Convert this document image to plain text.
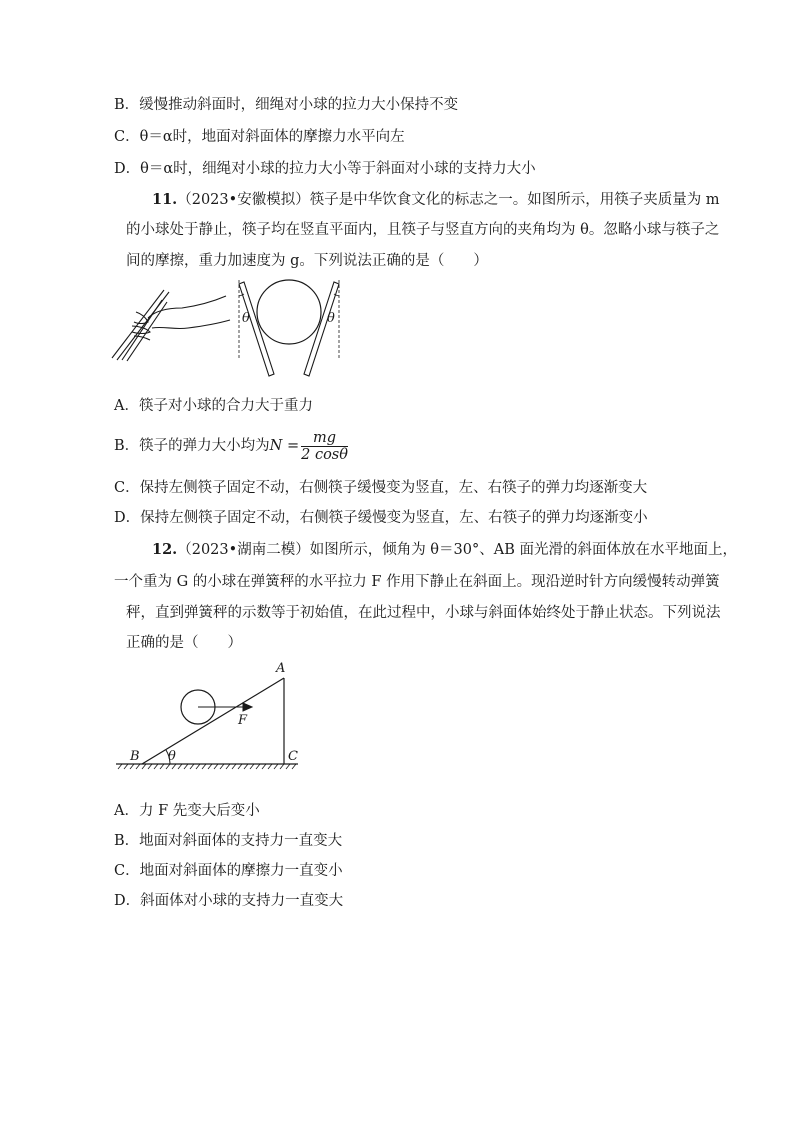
B．缓慢推动斜面时，细绳对小球的拉力大小保持不变
C．θ＝α时，地面对斜面体的摩擦力水平向左
D．θ＝α时，细绳对小球的拉力大小等于斜面对小球的支持力大小
11.（2023•安徽模拟）筷子是中华饮食文化的标志之一。如图所示，用筷子夹质量为 m
的小球处于静止，筷子均在竖直平面内，且筷子与竖直方向的夹角均为 θ。忽略小球与筷子之
间的摩擦，重力加速度为 g。下列说法正确的是（　　）
θ	θ
A．筷子对小球的合力大于重力
B．筷子的弹力大小均为$N = \frac{mg}{2 \cos\theta}$
C．保持左侧筷子固定不动，右侧筷子缓慢变为竖直，左、右筷子的弹力均逐渐变大
D．保持左侧筷子固定不动，右侧筷子缓慢变为竖直，左、右筷子的弹力均逐渐变小
12.（2023•湖南二模）如图所示，倾角为 θ＝30°、AB 面光滑的斜面体放在水平地面上，
一个重为 G 的小球在弹簧秤的水平拉力 F 作用下静止在斜面上。现沿逆时针方向缓慢转动弹簧
秤，直到弹簧秤的示数等于初始值，在此过程中，小球与斜面体始终处于静止状态。下列说法
正确的是（　　）
A
B	C
F
θ
A．力 F 先变大后变小
B．地面对斜面体的支持力一直变大
C．地面对斜面体的摩擦力一直变小
D．斜面体对小球的支持力一直变大
